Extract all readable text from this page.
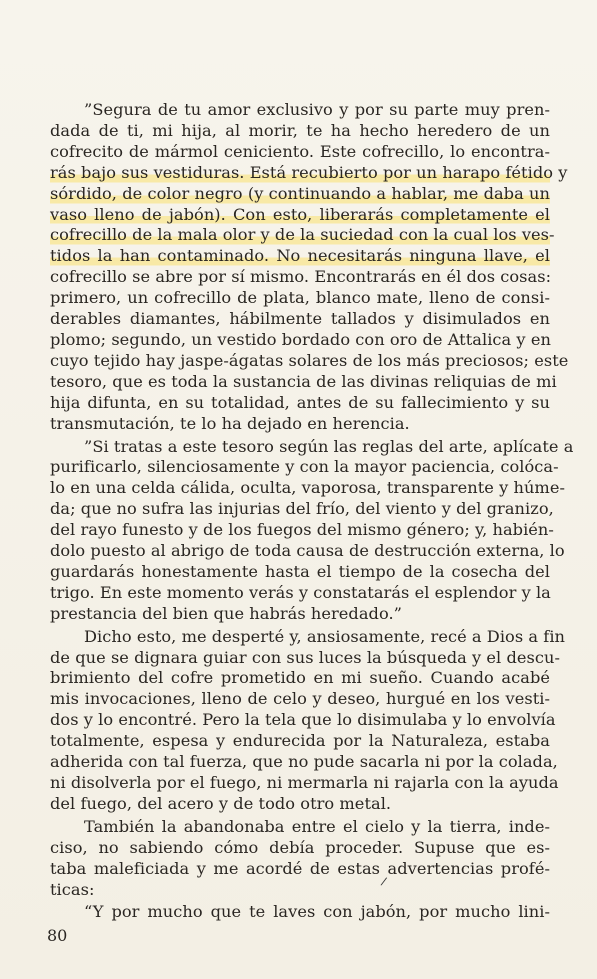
”Segura de tu amor exclusivo y por su parte muy pren-
dada de ti, mi hija, al morir, te ha hecho heredero de un
cofrecito de mármol ceniciento. Este cofrecillo, lo encontra-
rás bajo sus vestiduras. Está recubierto por un harapo fétido y
sórdido, de color negro (y continuando a hablar, me daba un
vaso lleno de jabón). Con esto, liberarás completamente el
cofrecillo de la mala olor y de la suciedad con la cual los ves-
tidos la han contaminado. No necesitarás ninguna llave, el
cofrecillo se abre por sí mismo. Encontrarás en él dos cosas:
primero, un cofrecillo de plata, blanco mate, lleno de consi-
derables diamantes, hábilmente tallados y disimulados en
plomo; segundo, un vestido bordado con oro de Attalica y en
cuyo tejido hay jaspe-ágatas solares de los más preciosos; este
tesoro, que es toda la sustancia de las divinas reliquias de mi
hija difunta, en su totalidad, antes de su fallecimiento y su
transmutación, te lo ha dejado en herencia.

”Si tratas a este tesoro según las reglas del arte, aplícate a
purificarlo, silenciosamente y con la mayor paciencia, colóca-
lo en una celda cálida, oculta, vaporosa, transparente y húme-
da; que no sufra las injurias del frío, del viento y del granizo,
del rayo funesto y de los fuegos del mismo género; y, habién-
dolo puesto al abrigo de toda causa de destrucción externa, lo
guardarás honestamente hasta el tiempo de la cosecha del
trigo. En este momento verás y constatarás el esplendor y la
prestancia del bien que habrás heredado.”

Dicho esto, me desperté y, ansiosamente, recé a Dios a fin
de que se dignara guiar con sus luces la búsqueda y el descu-
brimiento del cofre prometido en mi sueño. Cuando acabé
mis invocaciones, lleno de celo y deseo, hurgué en los vesti-
dos y lo encontré. Pero la tela que lo disimulaba y lo envolvía
totalmente, espesa y endurecida por la Naturaleza, estaba
adherida con tal fuerza, que no pude sacarla ni por la colada,
ni disolverla por el fuego, ni mermarla ni rajarla con la ayuda
del fuego, del acero y de todo otro metal.

También la abandonaba entre el cielo y la tierra, inde-
ciso, no sabiendo cómo debía proceder. Supuse que es-
taba maleficiada y me acordé de estas advertencias profé-
ticas:

“Y por mucho que te laves con jabón, por mucho lini-

/
80
